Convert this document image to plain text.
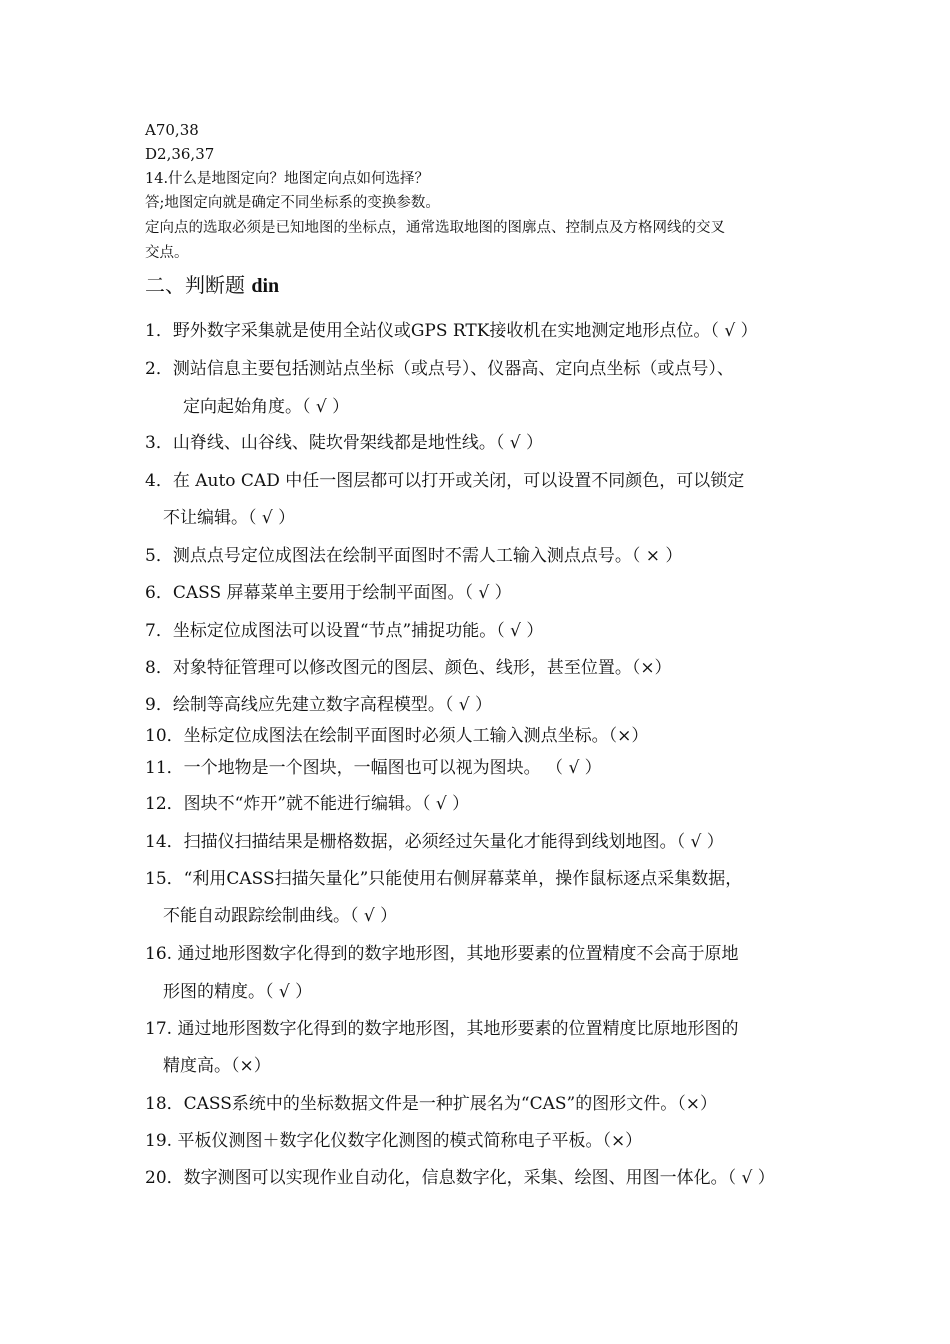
A70,38
D2,36,37
14.什么是地图定向？地图定向点如何选择？
答;地图定向就是确定不同坐标系的变换参数。
定向点的选取必须是已知地图的坐标点，通常选取地图的图廓点、控制点及方格网线的交叉
交点。
二、判断题 din
1．野外数字采集就是使用全站仪或GPS RTK接收机在实地测定地形点位。（ √ ）
2．测站信息主要包括测站点坐标（或点号）、仪器高、定向点坐标（或点号）、
定向起始角度。（ √ ）
3．山脊线、山谷线、陡坎骨架线都是地性线。（ √ ）
4．在 Auto CAD 中任一图层都可以打开或关闭，可以设置不同颜色，可以锁定
不让编辑。（ √ ）
5．测点点号定位成图法在绘制平面图时不需人工输入测点点号。（ × ）
6．CASS 屏幕菜单主要用于绘制平面图。（ √ ）
7．坐标定位成图法可以设置“节点”捕捉功能。（ √ ）
8．对象特征管理可以修改图元的图层、颜色、线形，甚至位置。（×）
9．绘制等高线应先建立数字高程模型。（ √ ）
10．坐标定位成图法在绘制平面图时必须人工输入测点坐标。（×）
11．一个地物是一个图块，一幅图也可以视为图块。 （ √ ）
12．图块不“炸开”就不能进行编辑。（ √ ）
14．扫描仪扫描结果是栅格数据，必须经过矢量化才能得到线划地图。（ √ ）
15．“利用CASS扫描矢量化”只能使用右侧屏幕菜单，操作鼠标逐点采集数据，
不能自动跟踪绘制曲线。（ √ ）
16. 通过地形图数字化得到的数字地形图，其地形要素的位置精度不会高于原地
形图的精度。（ √ ）
17. 通过地形图数字化得到的数字地形图，其地形要素的位置精度比原地形图的
精度高。（×）
18．CASS系统中的坐标数据文件是一种扩展名为“CAS”的图形文件。（×）
19. 平板仪测图＋数字化仪数字化测图的模式简称电子平板。（×）
20．数字测图可以实现作业自动化，信息数字化，采集、绘图、用图一体化。（ √ ）
